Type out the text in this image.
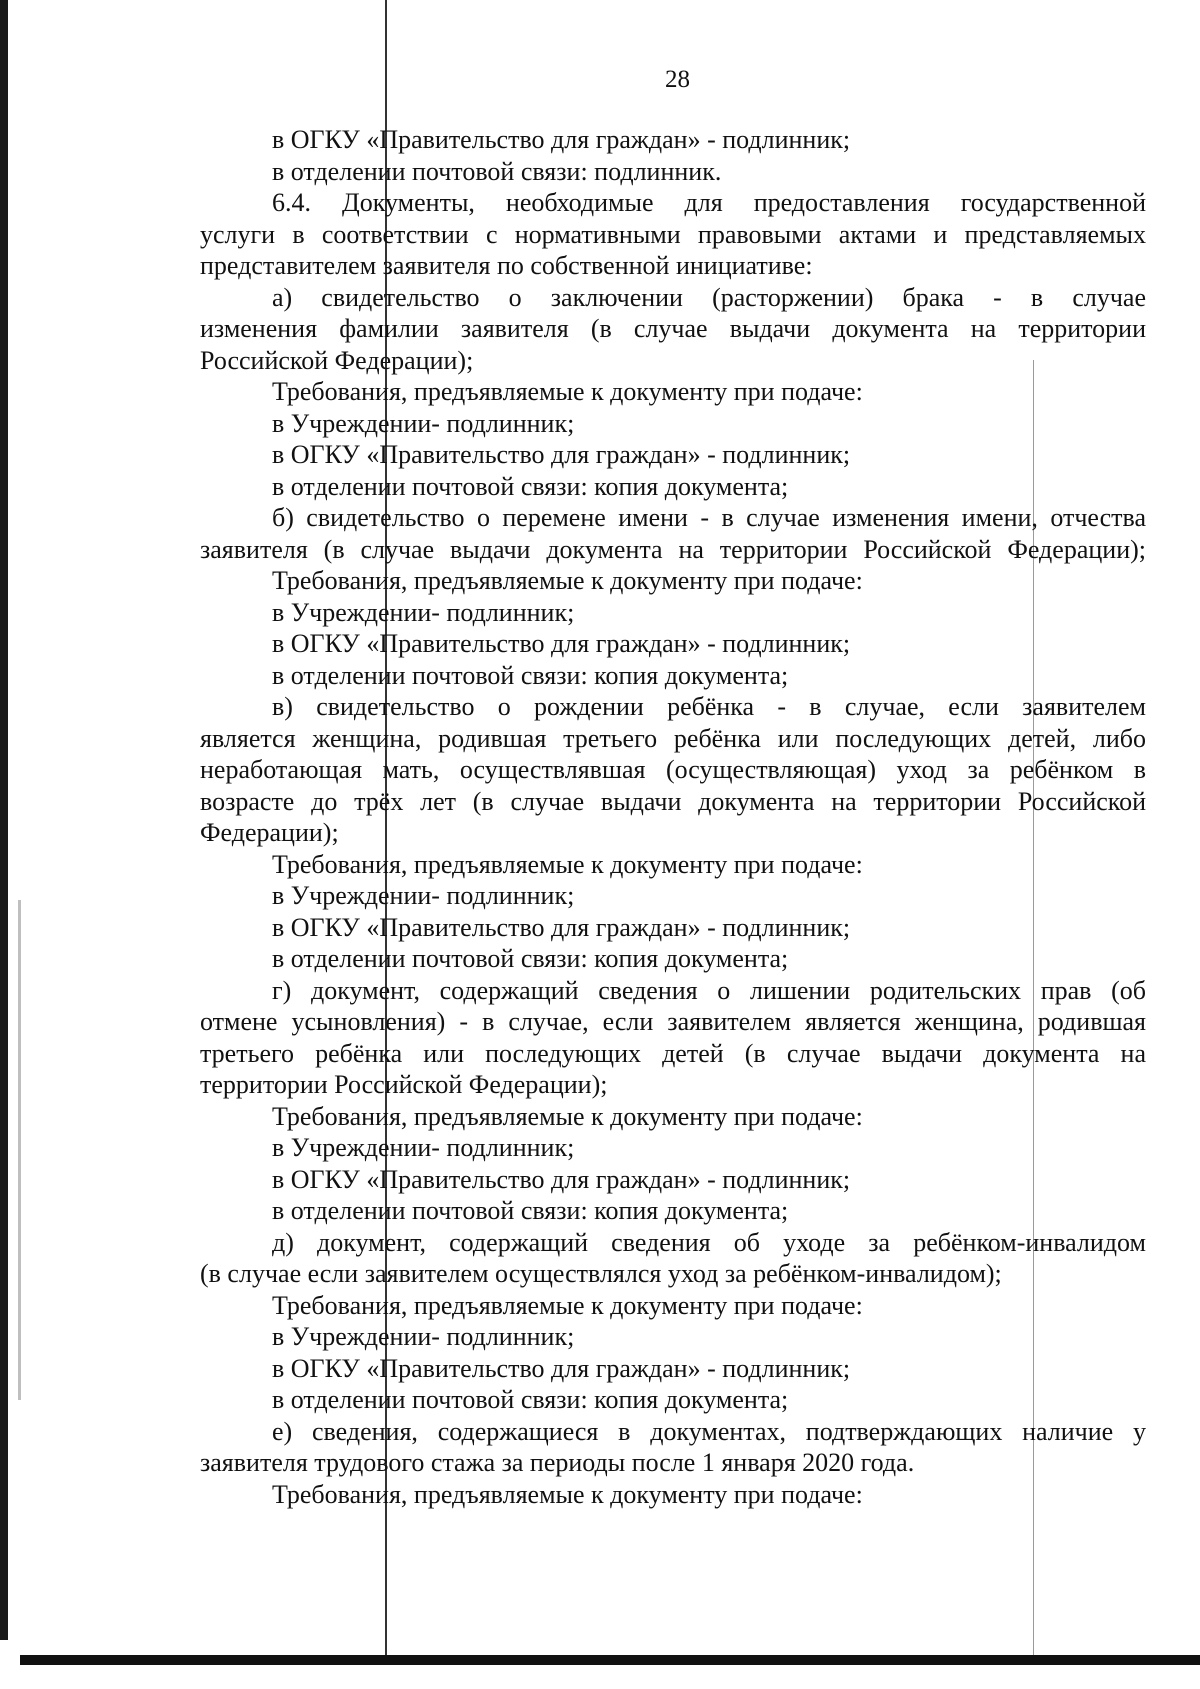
28
в ОГКУ «Правительство для граждан» - подлинник;
в отделении почтовой связи: подлинник.
6.4. Документы, необходимые для предоставления государственной
услуги в соответствии с нормативными правовыми актами и представляемых
представителем заявителя по собственной инициативе:
а) свидетельство о заключении (расторжении) брака - в случае
изменения фамилии заявителя (в случае выдачи документа на территории
Российской Федерации);
Требования, предъявляемые к документу при подаче:
в Учреждении- подлинник;
в ОГКУ «Правительство для граждан» - подлинник;
в отделении почтовой связи: копия документа;
б) свидетельство о перемене имени - в случае изменения имени, отчества
заявителя (в случае выдачи документа на территории Российской Федерации);
Требования, предъявляемые к документу при подаче:
в Учреждении- подлинник;
в ОГКУ «Правительство для граждан» - подлинник;
в отделении почтовой связи: копия документа;
в) свидетельство о рождении ребёнка - в случае, если заявителем
является женщина, родившая третьего ребёнка или последующих детей, либо
неработающая мать, осуществлявшая (осуществляющая) уход за ребёнком в
возрасте до трёх лет (в случае выдачи документа на территории Российской
Федерации);
Требования, предъявляемые к документу при подаче:
в Учреждении- подлинник;
в ОГКУ «Правительство для граждан» - подлинник;
в отделении почтовой связи: копия документа;
г) документ, содержащий сведения о лишении родительских прав (об
отмене усыновления) - в случае, если заявителем является женщина, родившая
третьего ребёнка или последующих детей (в случае выдачи документа на
территории Российской Федерации);
Требования, предъявляемые к документу при подаче:
в Учреждении- подлинник;
в ОГКУ «Правительство для граждан» - подлинник;
в отделении почтовой связи: копия документа;
д) документ, содержащий сведения об уходе за ребёнком-инвалидом
(в случае если заявителем осуществлялся уход за ребёнком-инвалидом);
Требования, предъявляемые к документу при подаче:
в Учреждении- подлинник;
в ОГКУ «Правительство для граждан» - подлинник;
в отделении почтовой связи: копия документа;
е) сведения, содержащиеся в документах, подтверждающих наличие у
заявителя трудового стажа за периоды после 1 января 2020 года.
Требования, предъявляемые к документу при подаче:
